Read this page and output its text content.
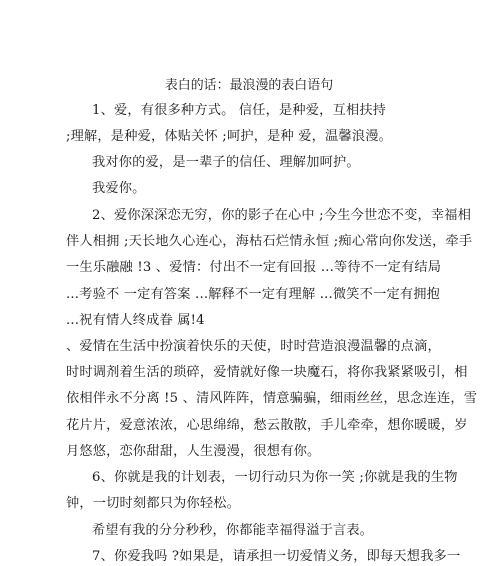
表白的话：最浪漫的表白语句
1、爱，有很多种方式。 信任，是种爱，互相扶持
;理解，是种爱，体贴关怀 ;呵护，是种 爱，温馨浪漫。
我对你的爱，是一辈子的信任、理解加呵护。
我爱你。
2、爱你深深恋无穷，你的影子在心中 ;今生今世恋不变，幸福相
伴人相拥 ;天长地久心连心，海枯石烂情永恒 ;痴心常向你发送，牵手
一生乐融融 !3 、爱情：付出不一定有回报 ...等待不一定有结局
...考验不 一定有答案 ...解释不一定有理解 ...微笑不一定有拥抱
...祝有情人终成眷 属!4
、爱情在生活中扮演着快乐的天使，时时营造浪漫温馨的点滴，
时时调剂着生活的琐碎，爱情就好像一块魔石，将你我紧紧吸引，相
依相伴永不分离 !5 、清风阵阵，情意骗骗，细雨丝丝，思念连连，雪
花片片，爱意浓浓，心思绵绵，愁云散散，手儿牵牵，想你暖暖，岁
月悠悠，恋你甜甜，人生漫漫，很想有你。
6、你就是我的计划表，一切行动只为你一笑 ;你就是我的生物
钟，一切时刻都只为你轻松。
希望有我的分分秒秒，你都能幸福得溢于言表。
7、你爱我吗 ?如果是，请承担一切爱情义务，即每天想我多一
